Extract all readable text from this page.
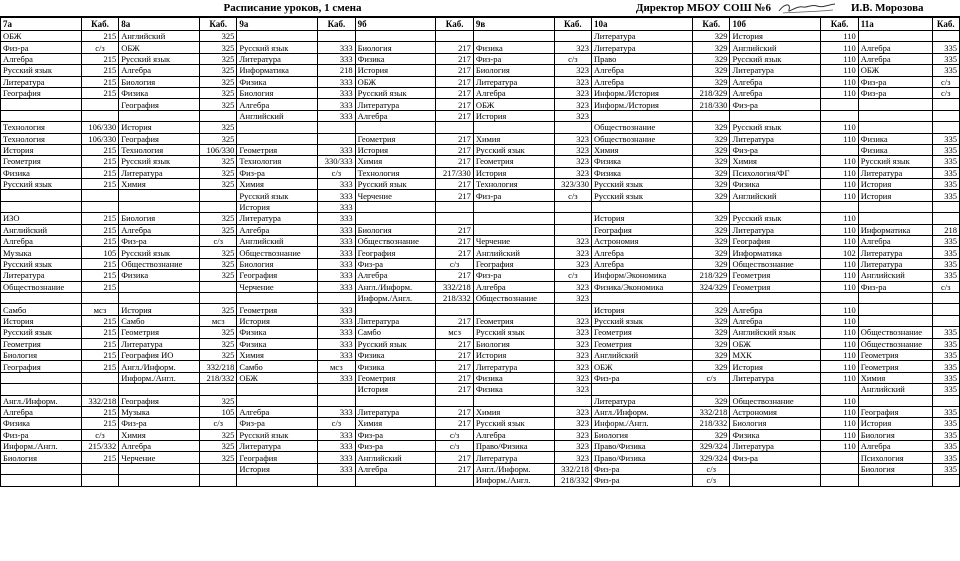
Расписание уроков, 1 смена	Директор МБОУ СОШ №6	И.В. Морозова
7а	Каб.	8а	Каб.	9а	Каб.	9б	Каб.	9в	Каб.	10а	Каб.	10б	Каб.	11а	Каб.
ОБЖ	215	Английский	325							Литература	329	История	110		
Физ-ра	с/з	ОБЖ	325	Русский язык	333	Биология	217	Физика	323	Литература	329	Английский	110	Алгебра	335
Алгебра	215	Русский язык	325	Литература	333	Физика	217	Физ-ра	с/з	Право	329	Русский язык	110	Алгебра	335
Русский язык	215	Алгебра	325	Информатика	218	История	217	Биология	323	Алгебра	329	Литература	110	ОБЖ	335
Литература	215	Биология	325	Физика	333	ОБЖ	217	Литература	323	Алгебра	329	Алгебра	110	Физ-ра	с/з
География	215	Физика	325	Биология	333	Русский язык	217	Алгебра	323	Информ./История	218/329	Алгебра	110	Физ-ра	с/з
		География	325	Алгебра	333	Литература	217	ОБЖ	323	Информ./История	218/330	Физ-ра			
				Английский	333	Алгебра	217	История	323						
Технология	106/330	История	325							Обществознание	329	Русский язык	110		
Технология	106/330	География	325			Геометрия	217	Химия	323	Обществознание	329	Литература	110	Физика	335
История	215	Технология	106/330	Геометрия	333	История	217	Русский язык	323	Химия	329	Физ-ра		Физика	335
Геометрия	215	Русский язык	325	Технология	330/333	Химия	217	Геометрия	323	Физика	329	Химия	110	Русский язык	335
Физика	215	Литература	325	Физ-ра	с/з	Технология	217/330	История	323	Физика	329	Психология/ФГ	110	Литература	335
Русский язык	215	Химия	325	Химия	333	Русский язык	217	Технология	323/330	Русский язык	329	Физика	110	История	335
				Русский язык	333	Черчение	217	Физ-ра	с/з	Русский язык	329	Английский	110	История	335
				История	333										
ИЗО	215	Биология	325	Литература	333					История	329	Русский язык	110		
Английский	215	Алгебра	325	Алгебра	333	Биология	217			География	329	Литература	110	Информатика	218
Алгебра	215	Физ-ра	с/з	Английский	333	Обществознание	217	Черчение	323	Астрономия	329	География	110	Алгебра	335
Музыка	105	Русский язык	325	Обществознание	333	География	217	Английский	323	Алгебра	329	Информатика	102	Литература	335
Русский язык	215	Обществознание	325	Биология	333	Физ-ра	с/з	География	323	Алгебра	329	Обществознание	110	Литература	335
Литература	215	Физика	325	География	333	Алгебра	217	Физ-ра	с/з	Информ/Экономика	218/329	Геометрия	110	Английский	335
Обществознание	215			Черчение	333	Англ./Информ.	332/218	Алгебра	323	Физика/Экономика	324/329	Геометрия	110	Физ-ра	с/з
						Информ./Англ.	218/332	Обществознание	323						
Самбо	мсз	История	325	Геометрия	333					История	329	Алгебра	110		
История	215	Самбо	мсз	История	333	Литература	217	Геометрия	323	Русский язык	329	Алгебра	110		
Русский язык	215	Геометрия	325	Физика	333	Самбо	мсз	Русский язык	323	Геометрия	329	Английский язык	110	Обществознание	335
Геометрия	215	Литература	325	Физика	333	Русский язык	217	Биология	323	Геометрия	329	ОБЖ	110	Обществознание	335
Биология	215	География ИО	325	Химия	333	Физика	217	История	323	Английский	329	МХК	110	Геометрия	335
География	215	Англ./Информ.	332/218	Самбо	мсз	Физика	217	Литература	323	ОБЖ	329	История	110	Геометрия	335
		Информ./Англ.	218/332	ОБЖ	333	Геометрия	217	Физика	323	Физ-ра	с/з	Литература	110	Химия	335
						История	217	Физика	323					Английский	335
Англ./Информ.	332/218	География	325							Литература	329	Обществознание	110		
Алгебра	215	Музыка	105	Алгебра	333	Литература	217	Химия	323	Англ./Информ.	332/218	Астрономия	110	География	335
Физика	215	Физ-ра	с/з	Физ-ра	с/з	Химия	217	Русский язык	323	Информ./Англ.	218/332	Биология	110	История	335
Физ-ра	с/з	Химия	325	Русский язык	333	Физ-ра	с/з	Алгебра	323	Биология	329	Физика	110	Биология	335
Информ./Англ.	215/332	Алгебра	325	Литература	333	Физ-ра	с/з	Право/Физика	323	Право/Физика	329/324	Литература	110	Алгебра	335
Биология	215	Черчение	325	География	333	Английский	217	Литература	323	Право/Физика	329/324	Физ-ра		Психология	335
				История	333	Алгебра	217	Англ./Информ.	332/218	Физ-ра	с/з			Биология	335
								Информ./Англ.	218/332	Физ-ра	с/з				
